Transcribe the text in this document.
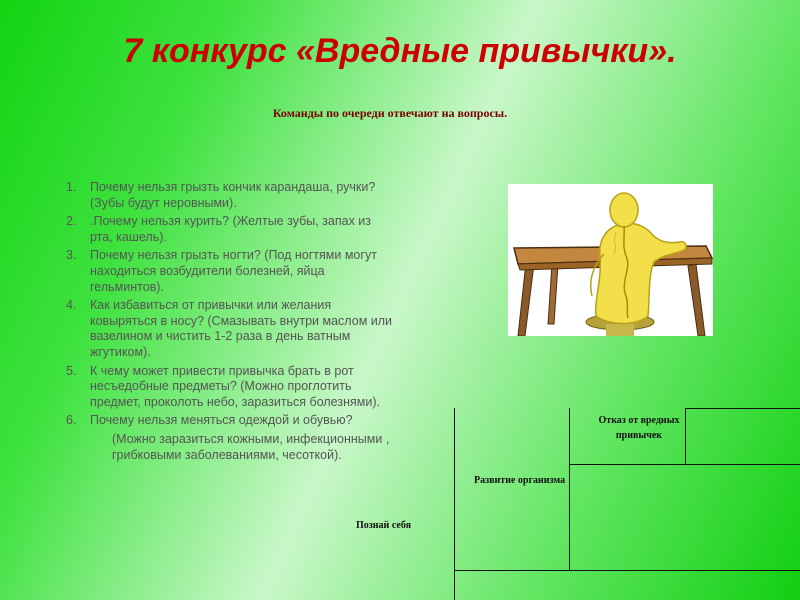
7 конкурс «Вредные привычки».
Команды по очереди отвечают на вопросы.
1.	Почему нельзя грызть кончик карандаша, ручки? (Зубы будут неровными).
2.	.Почему нельзя курить? (Желтые зубы, запах из рта, кашель).
3.	Почему нельзя грызть ногти? (Под ногтями могут находиться возбудители болезней, яйца гельминтов).
4.	Как избавиться от привычки или желания ковыряться в носу? (Смазывать внутри маслом или вазелином и чистить 1-2 раза в день ватным жгутиком).
5.	К чему может привести привычка брать в рот несъедобные предметы? (Можно проглотить предмет, проколоть небо, заразиться болезнями).
6.	Почему нельзя меняться одеждой и обувью?
(Можно заразиться кожными, инфекционными , грибковыми заболеваниями, чесоткой).
Познай себя
Развитие организма
Отказ от вредных привычек
